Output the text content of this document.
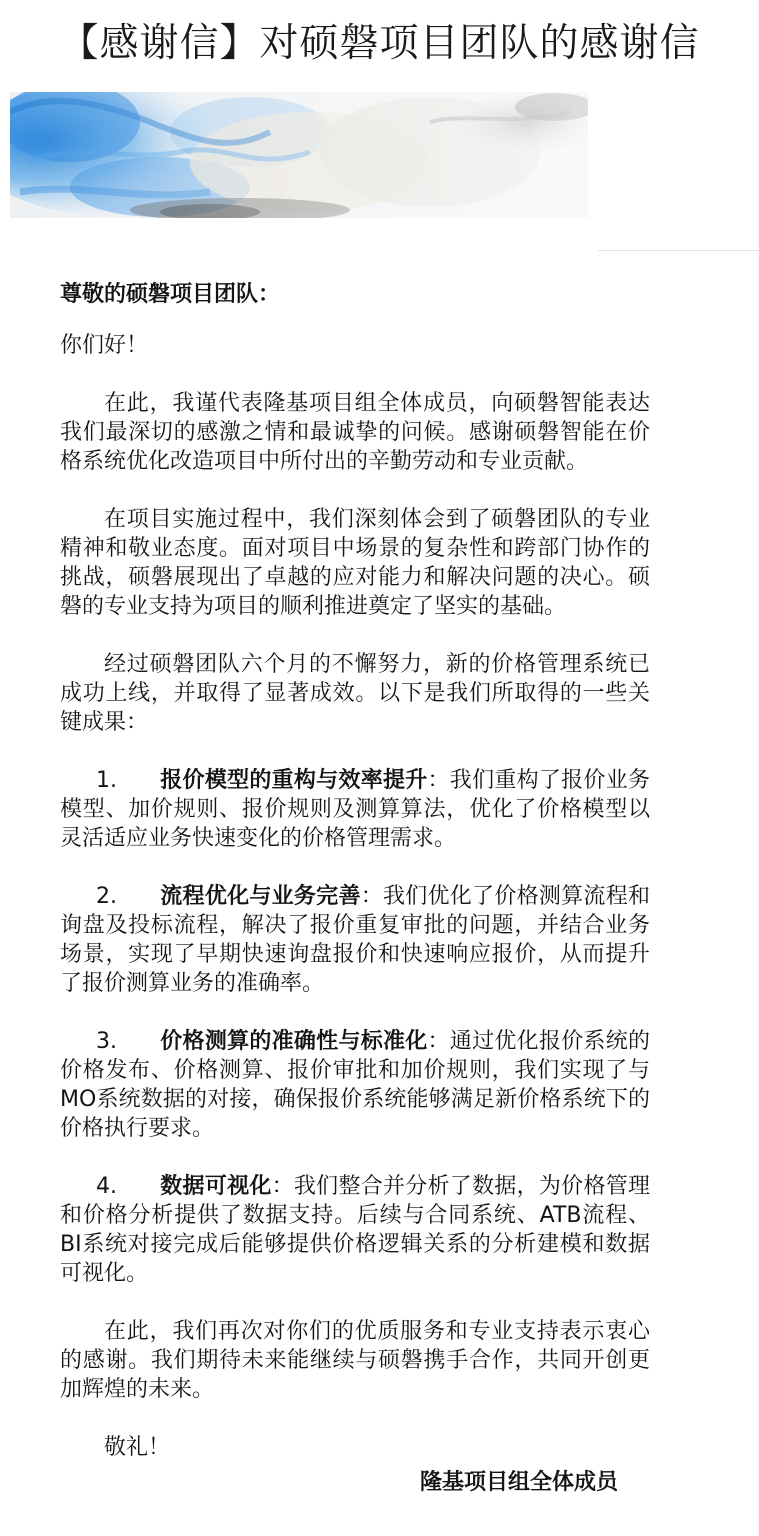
【感谢信】对硕磐项目团队的感谢信
尊敬的硕磐项目团队：
你们好！

在此，我谨代表隆基项目组全体成员，向硕磐智能表达我们最深切的感激之情和最诚挚的问候。感谢硕磐智能在价格系统优化改造项目中所付出的辛勤劳动和专业贡献。

在项目实施过程中，我们深刻体会到了硕磐团队的专业精神和敬业态度。面对项目中场景的复杂性和跨部门协作的挑战，硕磐展现出了卓越的应对能力和解决问题的决心。硕磐的专业支持为项目的顺利推进奠定了坚实的基础。

经过硕磐团队六个月的不懈努力，新的价格管理系统已成功上线，并取得了显著成效。以下是我们所取得的一些关键成果：

1. 报价模型的重构与效率提升：我们重构了报价业务模型、加价规则、报价规则及测算算法，优化了价格模型以灵活适应业务快速变化的价格管理需求。

2. 流程优化与业务完善：我们优化了价格测算流程和询盘及投标流程，解决了报价重复审批的问题，并结合业务场景，实现了早期快速询盘报价和快速响应报价，从而提升了报价测算业务的准确率。

3. 价格测算的准确性与标准化：通过优化报价系统的价格发布、价格测算、报价审批和加价规则，我们实现了与MO系统数据的对接，确保报价系统能够满足新价格系统下的价格执行要求。

4. 数据可视化：我们整合并分析了数据，为价格管理和价格分析提供了数据支持。后续与合同系统、ATB流程、BI系统对接完成后能够提供价格逻辑关系的分析建模和数据可视化。

在此，我们再次对你们的优质服务和专业支持表示衷心的感谢。我们期待未来能继续与硕磐携手合作，共同开创更加辉煌的未来。

敬礼！
隆基项目组全体成员
